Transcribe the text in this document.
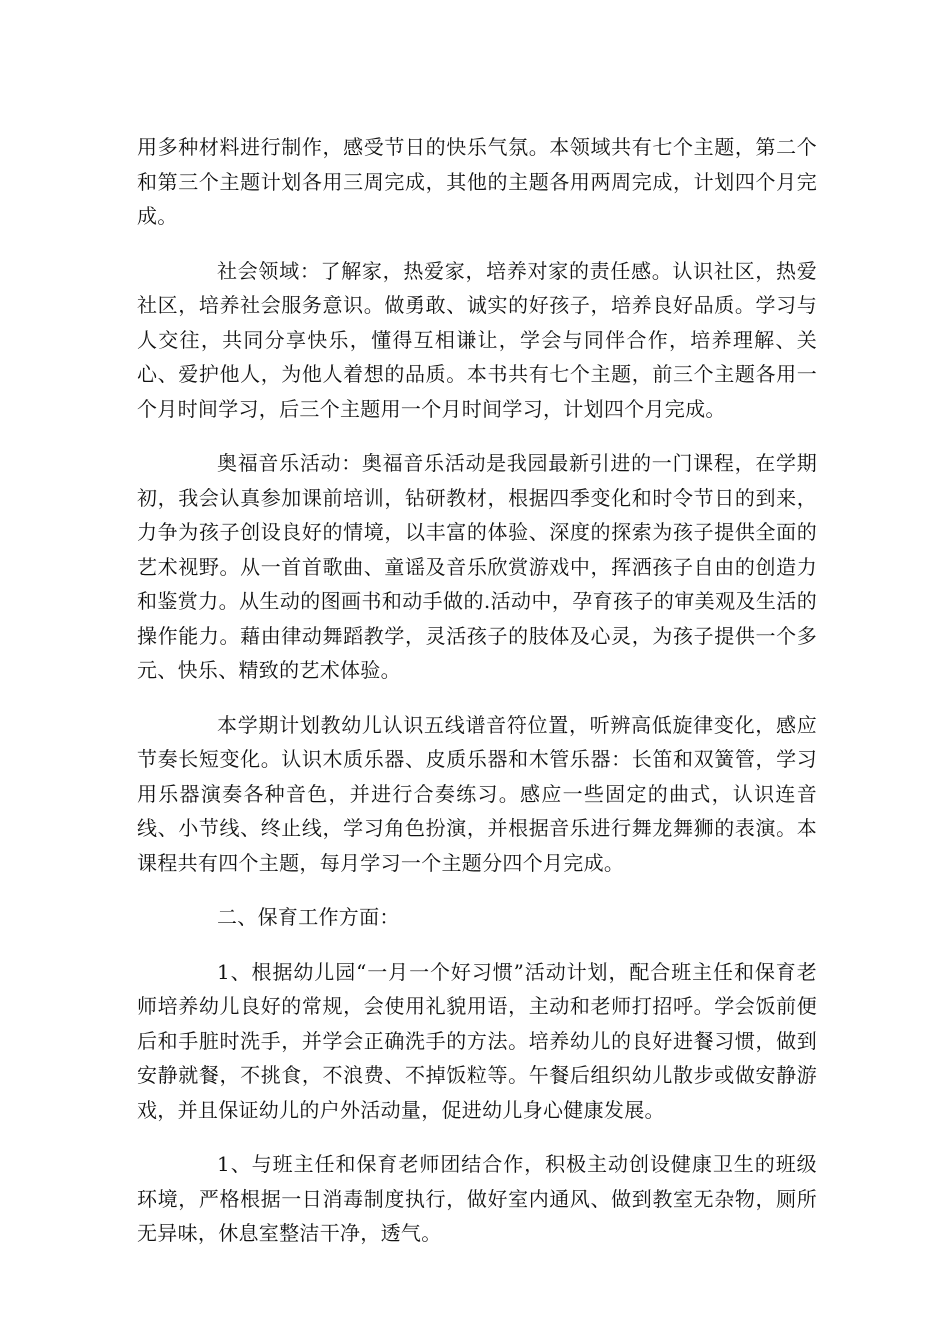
用多种材料进行制作，感受节日的快乐气氛。本领域共有七个主题，第二个和第三个主题计划各用三周完成，其他的主题各用两周完成，计划四个月完成。

社会领域：了解家，热爱家，培养对家的责任感。认识社区，热爱社区，培养社会服务意识。做勇敢、诚实的好孩子，培养良好品质。学习与人交往，共同分享快乐，懂得互相谦让，学会与同伴合作，培养理解、关心、爱护他人，为他人着想的品质。本书共有七个主题，前三个主题各用一个月时间学习，后三个主题用一个月时间学习，计划四个月完成。

奥福音乐活动：奥福音乐活动是我园最新引进的一门课程，在学期初，我会认真参加课前培训，钻研教材，根据四季变化和时令节日的到来，力争为孩子创设良好的情境，以丰富的体验、深度的探索为孩子提供全面的艺术视野。从一首首歌曲、童谣及音乐欣赏游戏中，挥洒孩子自由的创造力和鉴赏力。从生动的图画书和动手做的.活动中，孕育孩子的审美观及生活的操作能力。藉由律动舞蹈教学，灵活孩子的肢体及心灵，为孩子提供一个多元、快乐、精致的艺术体验。

本学期计划教幼儿认识五线谱音符位置，听辨高低旋律变化，感应节奏长短变化。认识木质乐器、皮质乐器和木管乐器：长笛和双簧管，学习用乐器演奏各种音色，并进行合奏练习。感应一些固定的曲式，认识连音线、小节线、终止线，学习角色扮演，并根据音乐进行舞龙舞狮的表演。本课程共有四个主题，每月学习一个主题分四个月完成。

二、保育工作方面：

1、根据幼儿园“一月一个好习惯”活动计划，配合班主任和保育老师培养幼儿良好的常规，会使用礼貌用语，主动和老师打招呼。学会饭前便后和手脏时洗手，并学会正确洗手的方法。培养幼儿的良好进餐习惯，做到安静就餐，不挑食，不浪费、不掉饭粒等。午餐后组织幼儿散步或做安静游戏，并且保证幼儿的户外活动量，促进幼儿身心健康发展。

1、与班主任和保育老师团结合作，积极主动创设健康卫生的班级环境，严格根据一日消毒制度执行，做好室内通风、做到教室无杂物，厕所无异味，休息室整洁干净，透气。
